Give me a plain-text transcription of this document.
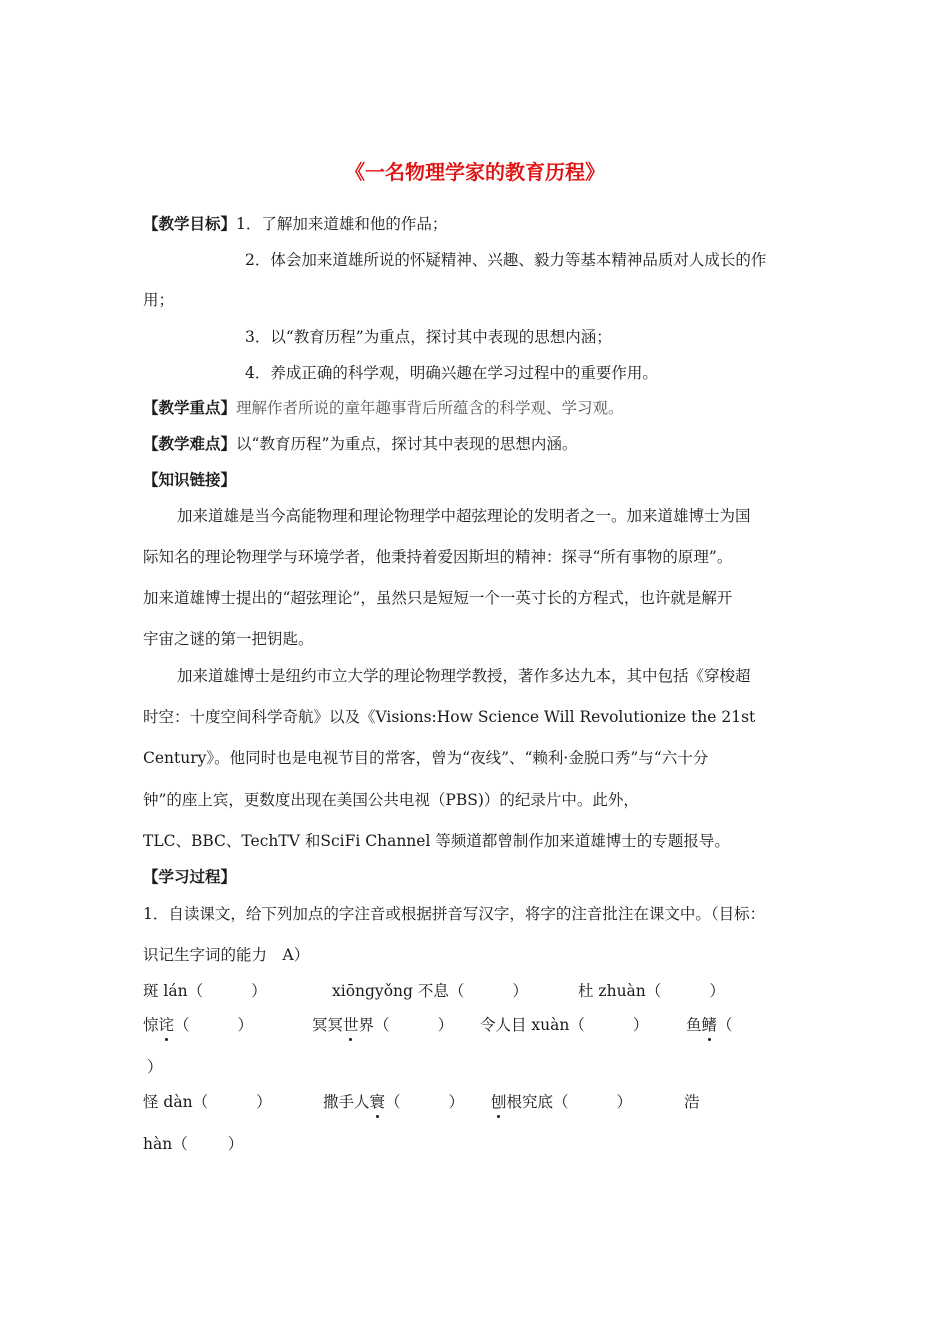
《一名物理学家的教育历程》
【教学目标】1．了解加来道雄和他的作品；
2．体会加来道雄所说的怀疑精神、兴趣、毅力等基本精神品质对人成长的作
用；
3．以“教育历程”为重点，探讨其中表现的思想内涵；
4．养成正确的科学观，明确兴趣在学习过程中的重要作用。
【教学重点】理解作者所说的童年趣事背后所蕴含的科学观、学习观。
【教学难点】以“教育历程”为重点，探讨其中表现的思想内涵。
【知识链接】
加来道雄是当今高能物理和理论物理学中超弦理论的发明者之一。加来道雄博士为国
际知名的理论物理学与环境学者，他秉持着爱因斯坦的精神：探寻“所有事物的原理”。
加来道雄博士提出的“超弦理论”，虽然只是短短一个一英寸长的方程式，也许就是解开
宇宙之谜的第一把钥匙。
加来道雄博士是纽约市立大学的理论物理学教授，著作多达九本，其中包括《穿梭超
时空：十度空间科学奇航》以及《Visions:How Science Will Revolutionize the 21st
Century》。他同时也是电视节目的常客，曾为“夜线”、“赖利·金脱口秀”与“六十分
钟”的座上宾，更数度出现在美国公共电视（PBS)）的纪录片中。此外，
TLC、BBC、TechTV 和SciFi Channel 等频道都曾制作加来道雄博士的专题报导。
【学习过程】
1．自读课文，给下列加点的字注音或根据拼音写汉字，将字的注音批注在课文中。（目标：
识记生字词的能力　A）
斑 lán（	）	xiōngyǒng 不息（	）	杜 zhuàn（	）
惊诧（	）	冥冥世界（	） 令人目 xuàn（	） 鱼鳍（
）
怪 dàn（	）	撒手人寰（	） 刨根究底（	）	浩
hàn（	）
